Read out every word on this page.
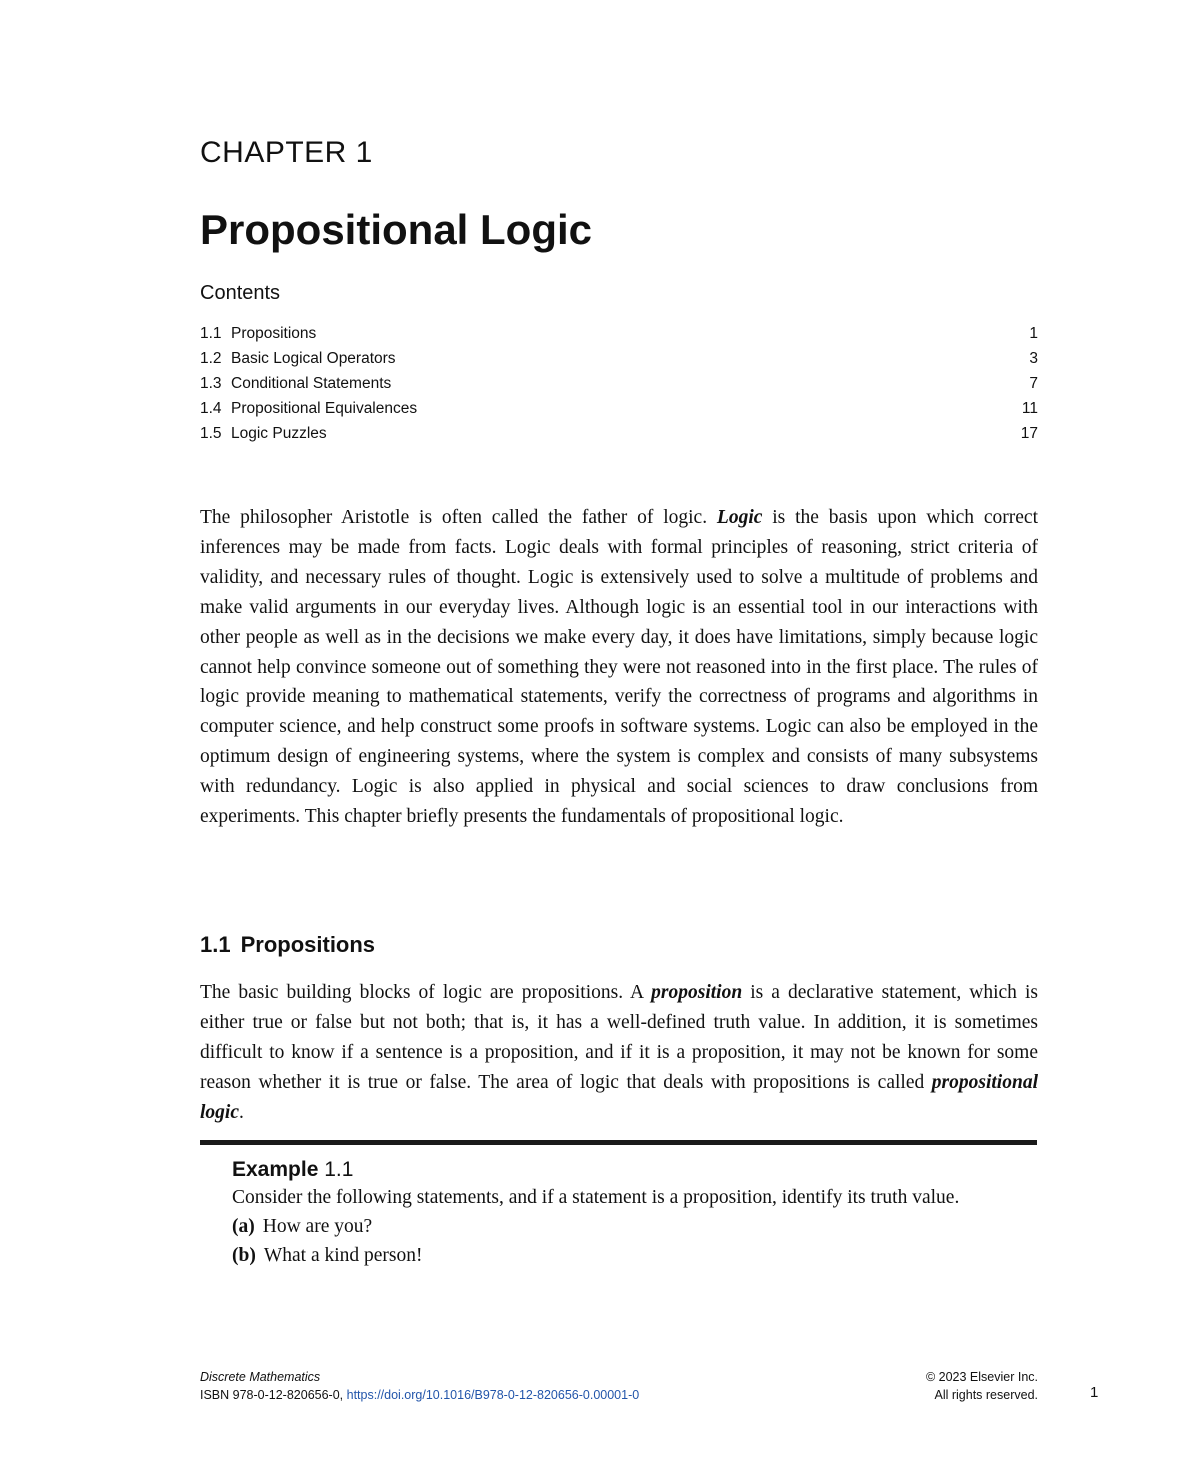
CHAPTER 1
Propositional Logic
Contents
1.1 Propositions	1
1.2 Basic Logical Operators	3
1.3 Conditional Statements	7
1.4 Propositional Equivalences	11
1.5 Logic Puzzles	17

The philosopher Aristotle is often called the father of logic. Logic is the basis upon which correct inferences may be made from facts. Logic deals with formal principles of reasoning, strict criteria of validity, and necessary rules of thought. Logic is extensively used to solve a multitude of problems and make valid arguments in our everyday lives. Although logic is an essential tool in our interactions with other people as well as in the decisions we make every day, it does have limitations, simply because logic cannot help convince someone out of something they were not reasoned into in the first place. The rules of logic provide meaning to mathematical statements, verify the correctness of programs and algorithms in computer science, and help construct some proofs in software systems. Logic can also be employed in the optimum design of engineering systems, where the system is complex and consists of many subsystems with redundancy. Logic is also applied in physical and social sciences to draw conclusions from experiments. This chapter briefly presents the fundamentals of propositional logic.

1.1 Propositions

The basic building blocks of logic are propositions. A proposition is a declarative statement, which is either true or false but not both; that is, it has a well-defined truth value. In addition, it is sometimes difficult to know if a sentence is a proposition, and if it is a proposition, it may not be known for some reason whether it is true or false. The area of logic that deals with propositions is called propositional logic.

Example 1.1
Consider the following statements, and if a statement is a proposition, identify its truth value.
(a) How are you?
(b) What a kind person!
Discrete Mathematics
ISBN 978-0-12-820656-0, https://doi.org/10.1016/B978-0-12-820656-0.00001-0
© 2023 Elsevier Inc.
All rights reserved.	1
